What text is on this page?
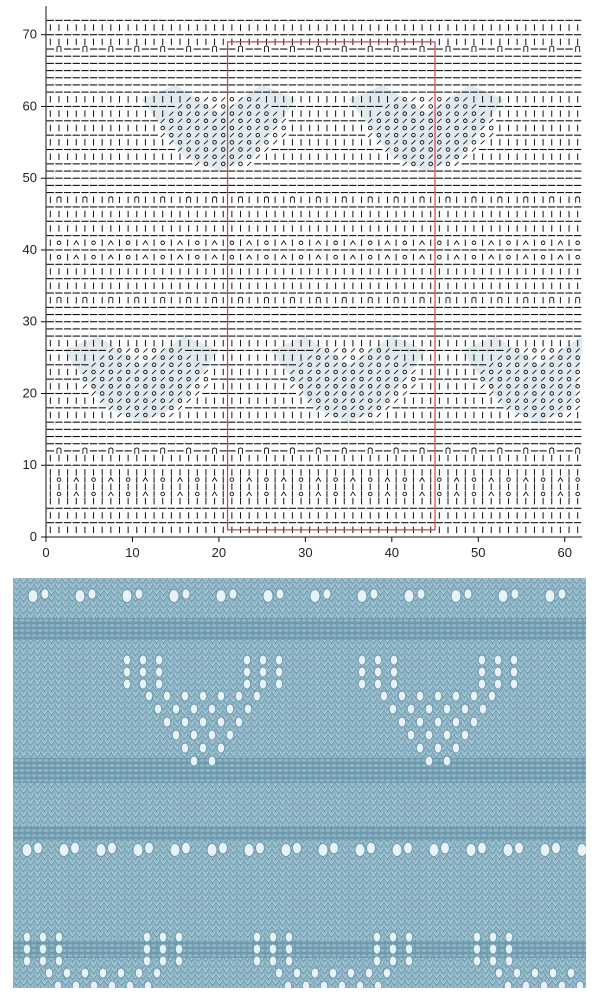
0	10	20	30	40	50	60
0
10
20
30
40
50
60
70
